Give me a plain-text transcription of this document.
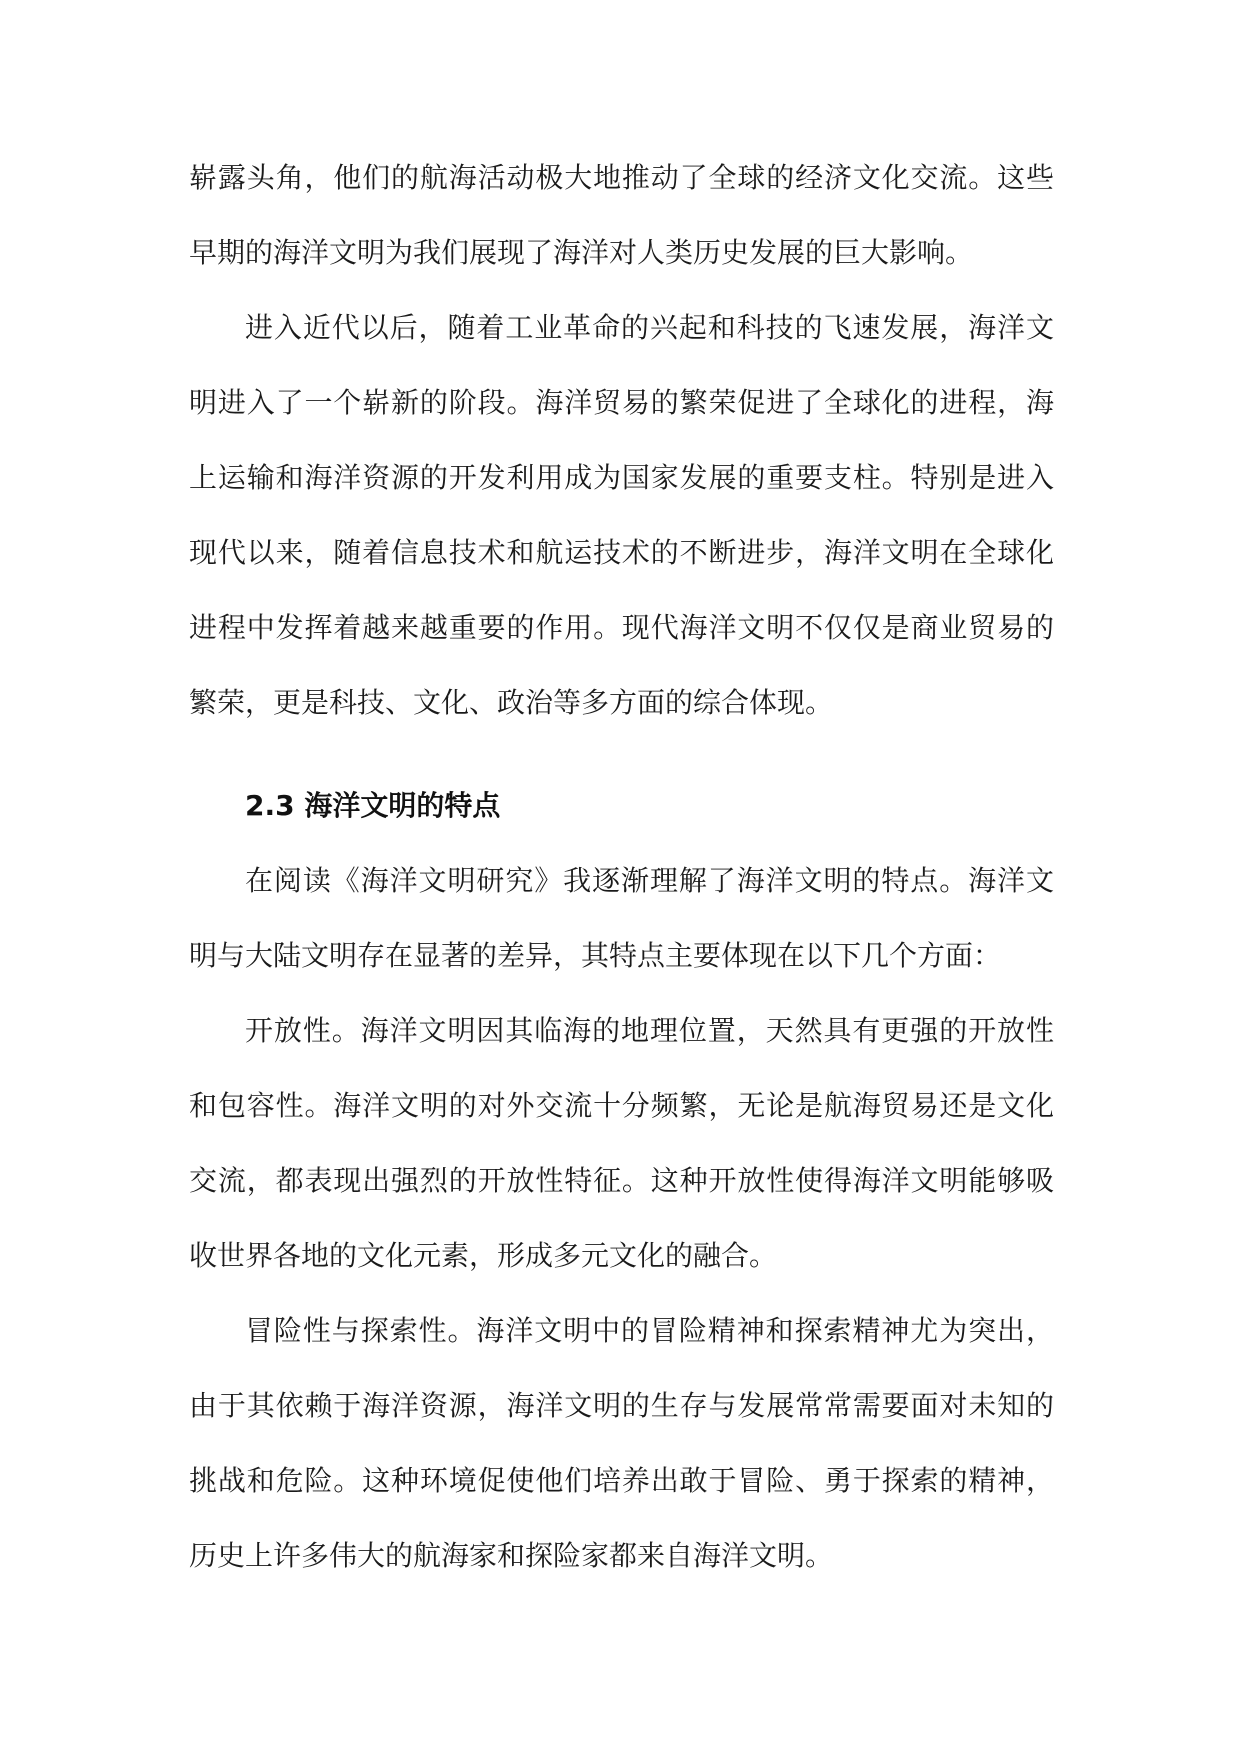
崭露头角，他们的航海活动极大地推动了全球的经济文化交流。这些早期的海洋文明为我们展现了海洋对人类历史发展的巨大影响。

进入近代以后，随着工业革命的兴起和科技的飞速发展，海洋文明进入了一个崭新的阶段。海洋贸易的繁荣促进了全球化的进程，海上运输和海洋资源的开发利用成为国家发展的重要支柱。特别是进入现代以来，随着信息技术和航运技术的不断进步，海洋文明在全球化进程中发挥着越来越重要的作用。现代海洋文明不仅仅是商业贸易的繁荣，更是科技、文化、政治等多方面的综合体现。

2.3 海洋文明的特点

在阅读《海洋文明研究》我逐渐理解了海洋文明的特点。海洋文明与大陆文明存在显著的差异，其特点主要体现在以下几个方面：

开放性。海洋文明因其临海的地理位置，天然具有更强的开放性和包容性。海洋文明的对外交流十分频繁，无论是航海贸易还是文化交流，都表现出强烈的开放性特征。这种开放性使得海洋文明能够吸收世界各地的文化元素，形成多元文化的融合。

冒险性与探索性。海洋文明中的冒险精神和探索精神尤为突出，由于其依赖于海洋资源，海洋文明的生存与发展常常需要面对未知的挑战和危险。这种环境促使他们培养出敢于冒险、勇于探索的精神，历史上许多伟大的航海家和探险家都来自海洋文明。
